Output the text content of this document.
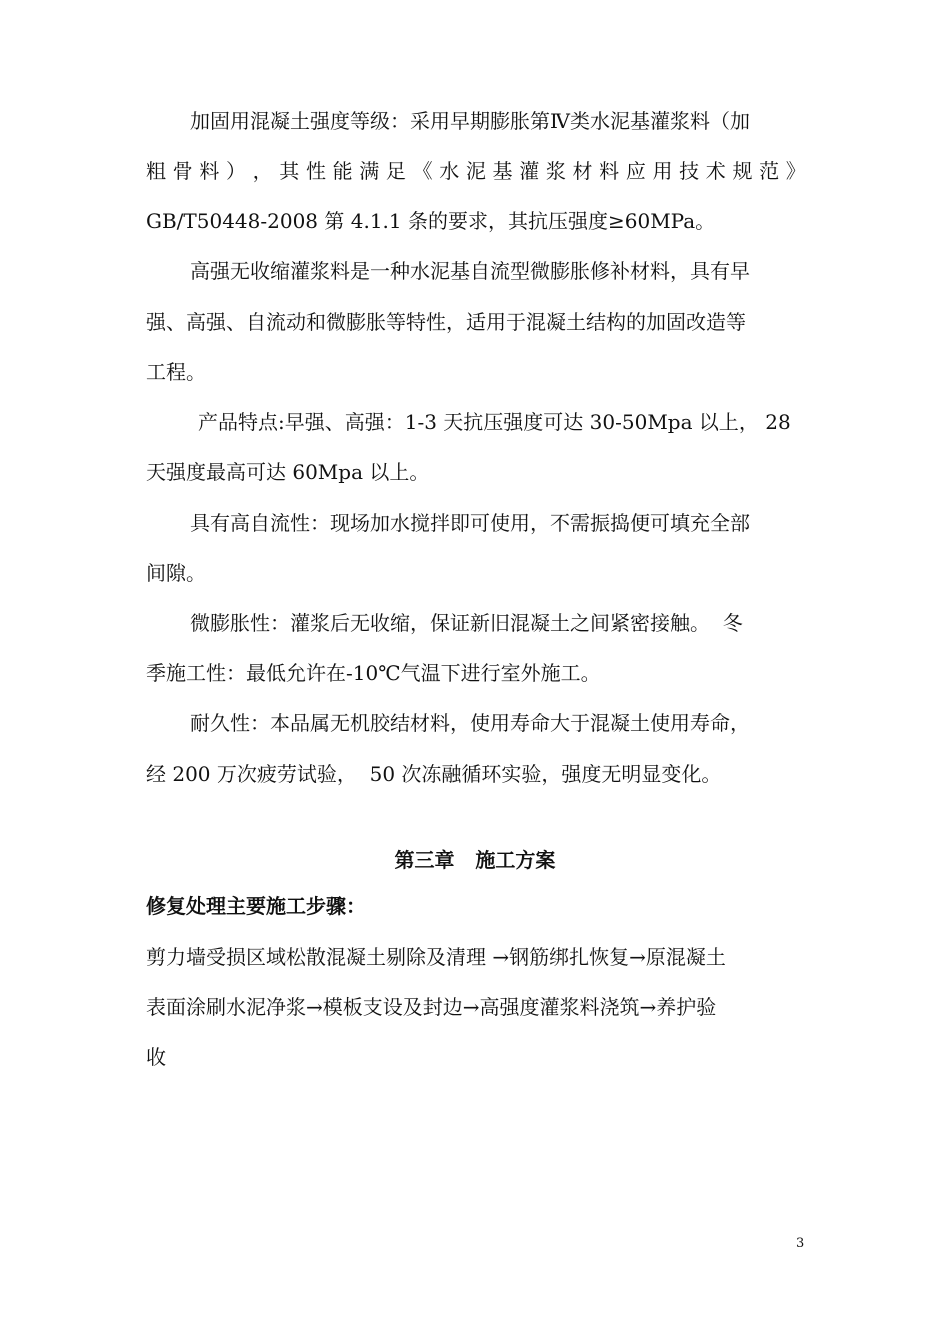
加固用混凝土强度等级：采用早期膨胀第Ⅳ类水泥基灌浆料（加
粗 骨 料 ） ， 其 性 能 满 足 《 水 泥 基 灌 浆 材 料 应 用 技 术 规 范 》
GB/T50448-2008 第 4.1.1 条的要求，其抗压强度≥60MPa。
高强无收缩灌浆料是一种水泥基自流型微膨胀修补材料，具有早
强、高强、自流动和微膨胀等特性，适用于混凝土结构的加固改造等
工程。
产品特点:早强、高强：1-3 天抗压强度可达 30-50Mpa 以上， 28
天强度最高可达 60Mpa 以上。
具有高自流性：现场加水搅拌即可使用，不需振捣便可填充全部
间隙。
微膨胀性：灌浆后无收缩，保证新旧混凝土之间紧密接触。  冬
季施工性：最低允许在-10℃气温下进行室外施工。
耐久性：本品属无机胶结材料，使用寿命大于混凝土使用寿命，
经 200 万次疲劳试验，  50 次冻融循环实验，强度无明显变化。
第三章   施工方案
修复处理主要施工步骤：
剪力墙受损区域松散混凝土剔除及清理 →钢筋绑扎恢复→原混凝土
表面涂刷水泥净浆→模板支设及封边→高强度灌浆料浇筑→养护验
收
3
